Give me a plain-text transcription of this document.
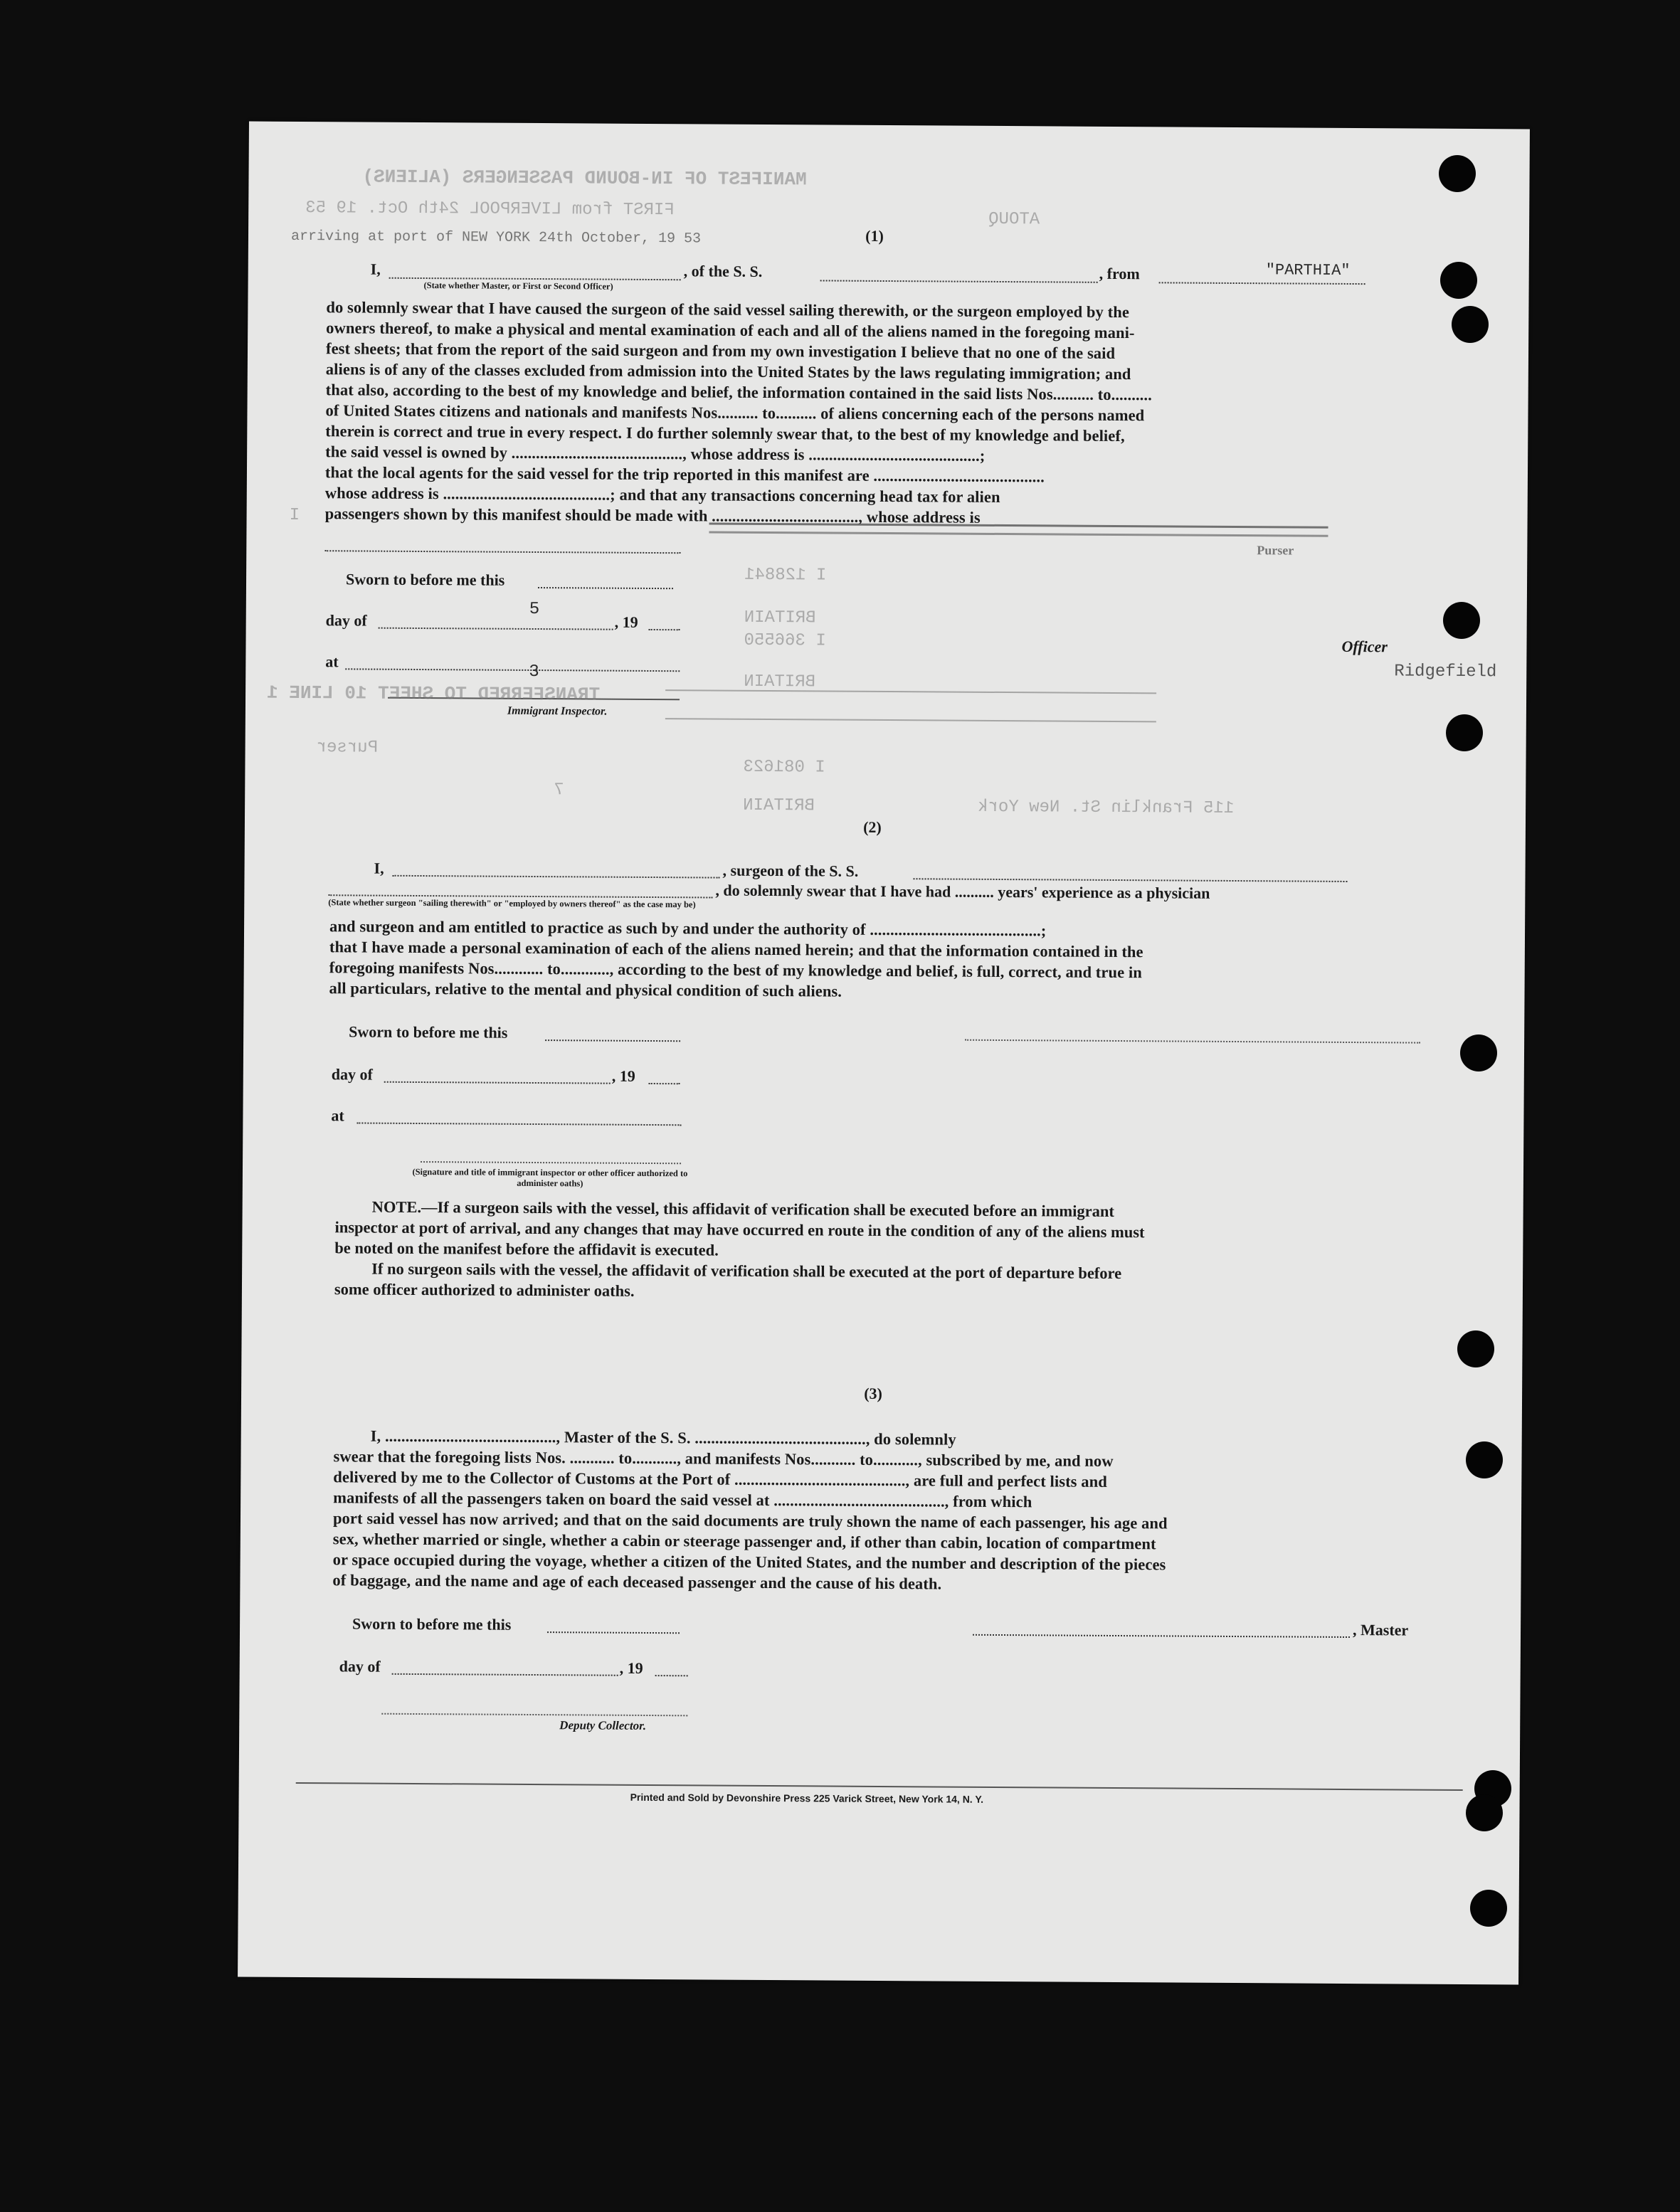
MANIFEST OF IN-BOUND PASSENGERS (ALIENS)
FIRST from LIVERPOOL 24th Oct. 19 53	ATOUQ
I 128841
BRITAIN
I 366550
BRITAIN
I 081623
BRITAIN	115 Franklin St. New York
(1)
"PARTHIA"
arriving at port of NEW YORK 24th October, 19 53
I,	, of the S. S.	, from
(State whether Master, or First or Second Officer)
do solemnly swear that I have caused the surgeon of the said vessel sailing therewith, or the surgeon employed by the
owners thereof, to make a physical and mental examination of each and all of the aliens named in the foregoing mani-
fest sheets; that from the report of the said surgeon and from my own investigation I believe that no one of the said
aliens is of any of the classes excluded from admission into the United States by the laws regulating immigration; and
that also, according to the best of my knowledge and belief, the information contained in the said lists Nos.......... to..........
of United States citizens and nationals and manifests Nos.......... to.......... of aliens concerning each of the persons named
therein is correct and true in every respect. I do further solemnly swear that, to the best of my knowledge and belief,
the said vessel is owned by .........................................., whose address is ..........................................;
that the local agents for the said vessel for the trip reported in this manifest are ..........................................
whose address is .........................................; and that any transactions concerning head tax for alien
passengers shown by this manifest should be made with ...................................., whose address is
Purser
Sworn to before me this
day of
5
, 19
Officer
at
3
Immigrant Inspector.
I
TRANSFERRED TO SHEET 10 LINE 1
Purser
7
Ridgefield
(2)
I,	, surgeon of the S. S.
, do solemnly swear that I have had .......... years' experience as a physician
(State whether surgeon "sailing therewith" or "employed by owners thereof" as the case may be)
and surgeon and am entitled to practice as such by and under the authority of ..........................................;
that I have made a personal examination of each of the aliens named herein; and that the information contained in the
foregoing manifests Nos............ to............, according to the best of my knowledge and belief, is full, correct, and true in
all particulars, relative to the mental and physical condition of such aliens.
Sworn to before me this
day of	, 19
at
(Signature and title of immigrant inspector or other officer authorized to administer oaths)
NOTE.—If a surgeon sails with the vessel, this affidavit of verification shall be executed before an immigrant
inspector at port of arrival, and any changes that may have occurred en route in the condition of any of the aliens must
be noted on the manifest before the affidavit is executed.
If no surgeon sails with the vessel, the affidavit of verification shall be executed at the port of departure before
some officer authorized to administer oaths.
(3)
I, .........................................., Master of the S. S. .........................................., do solemnly
swear that the foregoing lists Nos. ........... to..........., and manifests Nos........... to..........., subscribed by me, and now
delivered by me to the Collector of Customs at the Port of .........................................., are full and perfect lists and
manifests of all the passengers taken on board the said vessel at .........................................., from which
port said vessel has now arrived; and that on the said documents are truly shown the name of each passenger, his age and
sex, whether married or single, whether a cabin or steerage passenger and, if other than cabin, location of compartment
or space occupied during the voyage, whether a citizen of the United States, and the number and description of the pieces
of baggage, and the name and age of each deceased passenger and the cause of his death.
Sworn to before me this	, Master
day of	, 19
Deputy Collector.
Printed and Sold by Devonshire Press 225 Varick Street, New York 14, N. Y.
